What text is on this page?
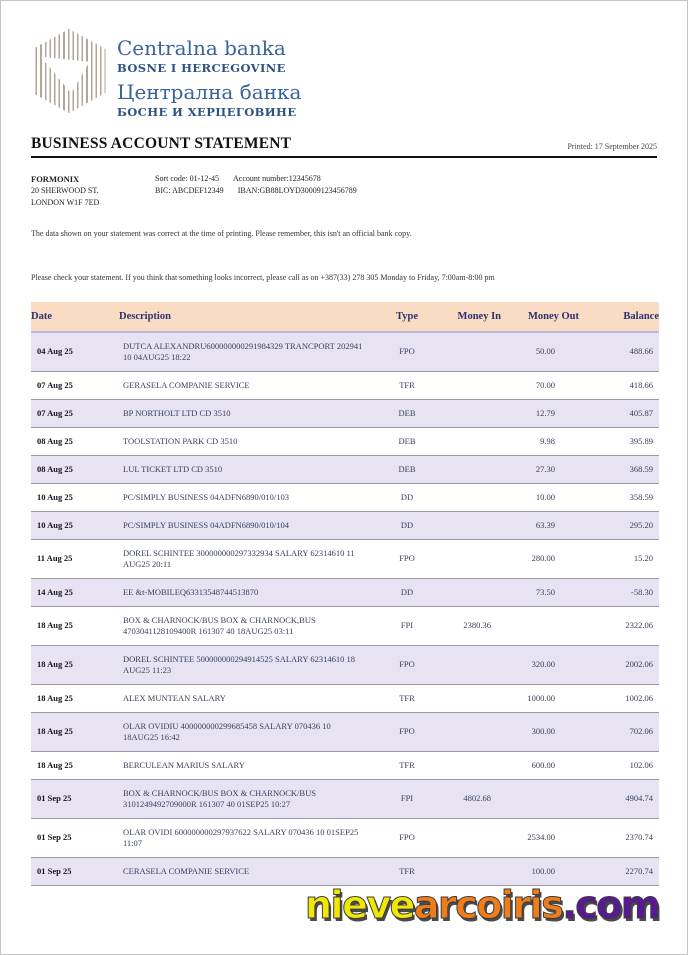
Centralna banka
BOSNE I HERCEGOVINE
Централна банка
БОСНЕ И ХЕРЦЕГОВИНЕ
BUSINESS ACCOUNT STATEMENT	Printed: 17 September 2025
FORMONIX
20 SHERWOOD ST.
LONDON W1F 7ED
Sort code: 01-12-45 Account number:12345678
BIC: ABCDEF12349 IBAN:GB88LOYD30009123456789
The data shown on your statement was correct at the time of printing. Please remember, this isn't an official bank copy.
Please check your statement. If you think that something looks incorrect, please call as on +387(33) 278 305 Monday to Friday, 7:00am-8:00 pm
Date	Description	Type	Money In	Money Out	Balance
04 Aug 25	DUTCA ALEXANDRU600000000291984329 TRANCPORT 202941 10 04AUG25 18:22	FPO		50.00	488.66
07 Aug 25	GERASELA COMPANIE SERVICE	TFR		70.00	418.66
07 Aug 25	BP NORTHOLT LTD CD 3510	DEB		12.79	405.87
08 Aug 25	TOOLSTATION PARK CD 3510	DEB		9.98	395.89
08 Aug 25	LUL TICKET LTD CD 3510	DEB		27.30	368.59
10 Aug 25	PC/SIMPLY BUSINESS 04ADFN6890/010/103	DD		10.00	358.59
10 Aug 25	PC/SIMPLY BUSINESS 04ADFN6890/010/104	DD		63.39	295.20
11 Aug 25	DOREL SCHINTEE 300000000297332934 SALARY 62314610 11 AUG25 20:11	FPO		280.00	15.20
14 Aug 25	EE &t-MOBILEQ63313548744513870	DD		73.50	-58.30
18 Aug 25	BOX & CHARNOCK/BUS BOX & CHARNOCK,BUS 4703041128109400R 161307 40 18AUG25 03:11	FPI	2380.36		2322.06
18 Aug 25	DOREL SCHINTEE 500000000294914525 SALARY 62314610 18 AUG25 11:23	FPO		320.00	2002.06
18 Aug 25	ALEX MUNTEAN SALARY	TFR		1000.00	1002.06
18 Aug 25	OLAR OVIDIU 400000000299685458 SALARY 070436 10 18AUG25 16:42	FPO		300.00	702.06
18 Aug 25	BERCULEAN MARIUS SALARY	TFR		600.00	102.06
01 Sep 25	BOX & CHARNOCK/BUS BOX & CHARNOCK/BUS 3101249492709000R 161307 40 01SEP25 10:27	FPI	4802.68		4904.74
01 Sep 25	OLAR OVIDI 600000000297937622 SALARY 070436 10 01SEP25 11:07	FPO		2534.00	2370.74
01 Sep 25	CERASELA COMPANIE SERVICE	TFR		100.00	2270.74
nievearcoiris.com
